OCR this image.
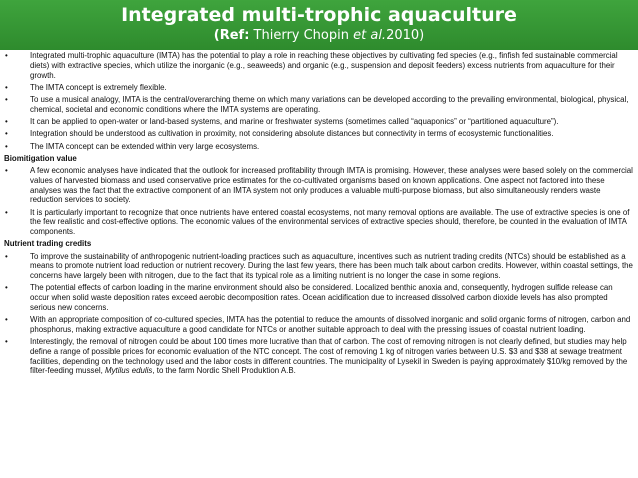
Integrated multi-trophic aquaculture
(Ref: Thierry Chopin et al.2010)
•	Integrated multi-trophic aquaculture (IMTA) has the potential to play a role in reaching these objectives by cultivating fed species (e.g., finfish fed sustainable commercial diets) with extractive species, which utilize the inorganic (e.g., seaweeds) and organic (e.g., suspension and deposit feeders) excess nutrients from aquaculture for their growth.
•	The IMTA concept is extremely flexible.
•	To use a musical analogy, IMTA is the central/overarching theme on which many variations can be developed according to the prevailing environmental, biological, physical, chemical, societal and economic conditions where the IMTA systems are operating.
•	It can be applied to open-water or land-based systems, and marine or freshwater systems (sometimes called “aquaponics” or “partitioned aquaculture”).
•	Integration should be understood as cultivation in proximity, not considering absolute distances but connectivity in terms of ecosystemic functionalities.
•	The IMTA concept can be extended within very large ecosystems.
Biomitigation value
•	A few economic analyses have indicated that the outlook for increased profitability through IMTA is promising. However, these analyses were based solely on the commercial values of harvested biomass and used conservative price estimates for the co-cultivated organisms based on known applications. One aspect not factored into these analyses was the fact that the extractive component of an IMTA system not only produces a valuable multi-purpose biomass, but also simultaneously renders waste reduction services to society.
•	It is particularly important to recognize that once nutrients have entered coastal ecosystems, not many removal options are available. The use of extractive species is one of the few realistic and cost-effective options. The economic values of the environmental services of extractive species should, therefore, be counted in the evaluation of IMTA components.
Nutrient trading credits
•	To improve the sustainability of anthropogenic nutrient-loading practices such as aquaculture, incentives such as nutrient trading credits (NTCs) should be established as a means to promote nutrient load reduction or nutrient recovery. During the last few years, there has been much talk about carbon credits. However, within coastal settings, the concerns have largely been with nitrogen, due to the fact that its typical role as a limiting nutrient is no longer the case in some regions.
•	The potential effects of carbon loading in the marine environment should also be considered. Localized benthic anoxia and, consequently, hydrogen sulfide release can occur when solid waste deposition rates exceed aerobic decomposition rates. Ocean acidification due to increased dissolved carbon dioxide levels has also prompted serious new concerns.
•	With an appropriate composition of co-cultured species, IMTA has the potential to reduce the amounts of dissolved inorganic and solid organic forms of nitrogen, carbon and phosphorus, making extractive aquaculture a good candidate for NTCs or another suitable approach to deal with the pressing issues of coastal nutrient loading.
•	Interestingly, the removal of nitrogen could be about 100 times more lucrative than that of carbon. The cost of removing nitrogen is not clearly defined, but studies may help define a range of possible prices for economic evaluation of the NTC concept. The cost of removing 1 kg of nitrogen varies between U.S. $3 and $38 at sewage treatment facilities, depending on the technology used and the labor costs in different countries. The municipality of Lysekil in Sweden is paying approximately $10/kg removed by the filter-feeding mussel, Mytilus edulis, to the farm Nordic Shell Produktion A.B.
